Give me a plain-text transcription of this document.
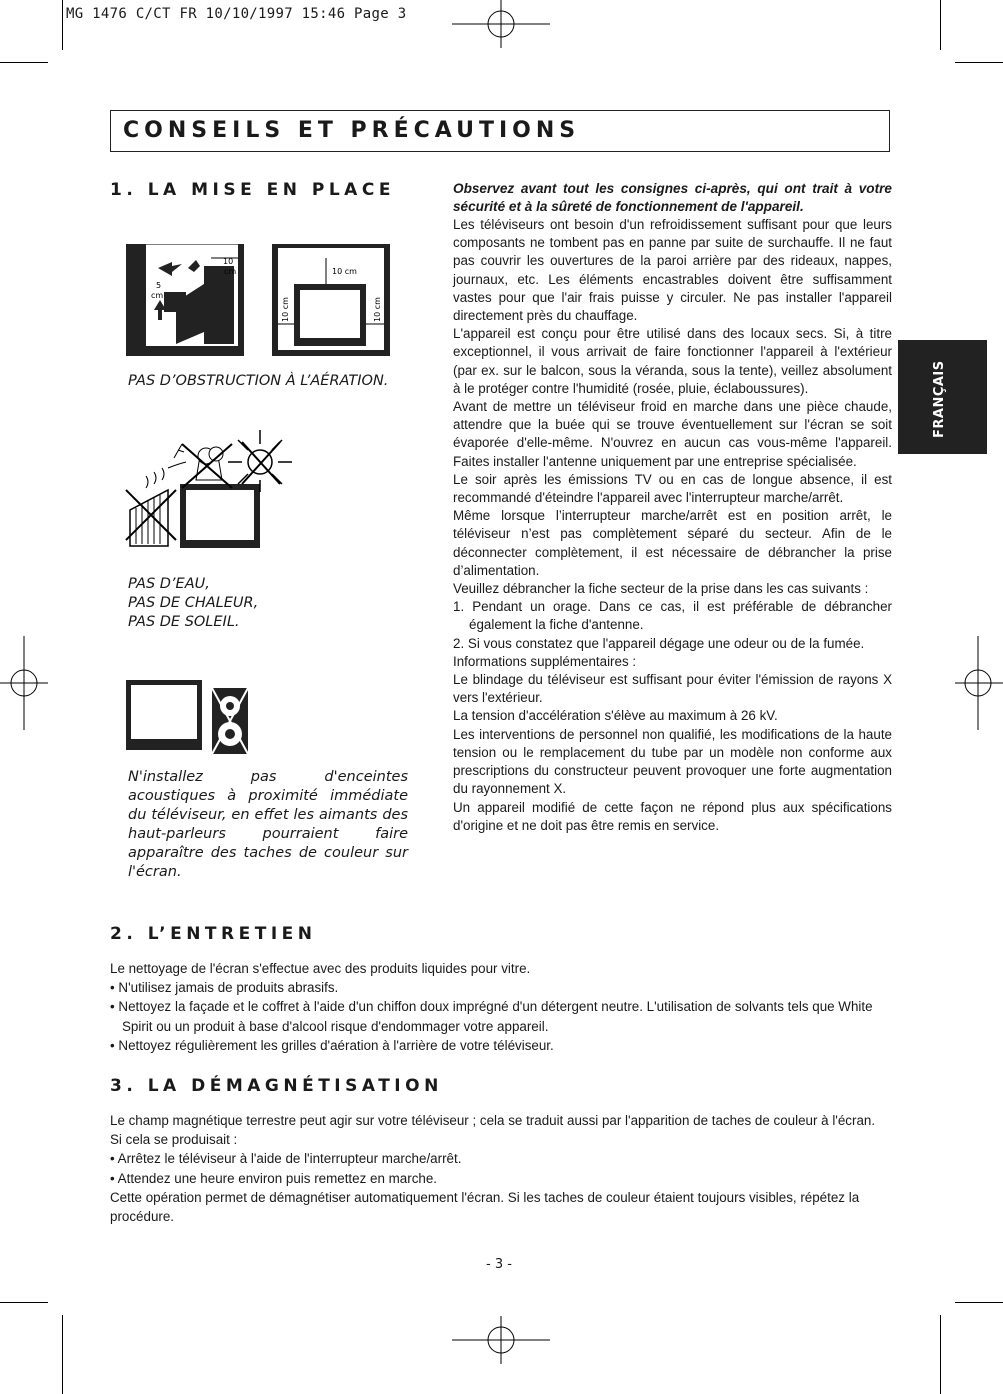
MG 1476 C/CT FR 10/10/1997 15:46 Page 3
CONSEILS ET PRÉCAUTIONS
FRANÇAIS
1. LA MISE EN PLACE
10
cm
5
cm
10 cm
10 cm	10 cm
PAS D’OBSTRUCTION À L’AÉRATION.
PAS D’EAU,
PAS DE CHALEUR,
PAS DE SOLEIL.
N'installez pas d'enceintes acoustiques à proximité immédiate du téléviseur, en effet les aimants des haut-parleurs pourraient faire apparaître des taches de couleur sur l'écran.

Observez avant tout les consignes ci-après, qui ont trait à votre sécurité et à la sûreté de fonctionnement de l'appareil.

Les téléviseurs ont besoin d'un refroidissement suffisant pour que leurs composants ne tombent pas en panne par suite de surchauffe. Il ne faut pas couvrir les ouvertures de la paroi arrière par des rideaux, nappes, journaux, etc. Les éléments encastrables doivent être suffisamment vastes pour que l'air frais puisse y circuler. Ne pas installer l'appareil directement près du chauffage.

L'appareil est conçu pour être utilisé dans des locaux secs. Si, à titre exceptionnel, il vous arrivait de faire fonctionner l'appareil à l'extérieur (par ex. sur le balcon, sous la véranda, sous la tente), veillez absolument à le protéger contre l'humidité (rosée, pluie, éclaboussures).

Avant de mettre un téléviseur froid en marche dans une pièce chaude, attendre que la buée qui se trouve éventuellement sur l'écran se soit évaporée d'elle-même. N'ouvrez en aucun cas vous-même l'appareil. Faites installer l'antenne uniquement par une entreprise spécialisée.

Le soir après les émissions TV ou en cas de longue absence, il est recommandé d'éteindre l'appareil avec l'interrupteur marche/arrêt.

Même lorsque l’interrupteur marche/arrêt est en position arrêt, le téléviseur n’est pas complètement séparé du secteur. Afin de le déconnecter complètement, il est nécessaire de débrancher la prise d’alimentation.

Veuillez débrancher la fiche secteur de la prise dans les cas suivants :

1. Pendant un orage. Dans ce cas, il est préférable de débrancher également la fiche d'antenne.

2. Si vous constatez que l'appareil dégage une odeur ou de la fumée.

Informations supplémentaires :

Le blindage du téléviseur est suffisant pour éviter l'émission de rayons X vers l'extérieur.

La tension d'accélération s'élève au maximum à 26 kV.

Les interventions de personnel non qualifié, les modifications de la haute tension ou le remplacement du tube par un modèle non conforme aux prescriptions du constructeur peuvent provoquer une forte augmentation du rayonnement X.

Un appareil modifié de cette façon ne répond plus aux spécifications d'origine et ne doit pas être remis en service.

2. L’ENTRETIEN

Le nettoyage de l'écran s'effectue avec des produits liquides pour vitre.

• N'utilisez jamais de produits abrasifs.

• Nettoyez la façade et le coffret à l'aide d'un chiffon doux imprégné d'un détergent neutre. L'utilisation de solvants tels que White Spirit ou un produit à base d'alcool risque d'endommager votre appareil.

• Nettoyez régulièrement les grilles d'aération à l'arrière de votre téléviseur.

3. LA DÉMAGNÉTISATION

Le champ magnétique terrestre peut agir sur votre téléviseur ; cela se traduit aussi par l'apparition de taches de couleur à l'écran.

Si cela se produisait :

• Arrêtez le téléviseur à l'aide de l'interrupteur marche/arrêt.

• Attendez une heure environ puis remettez en marche.

Cette opération permet de démagnétiser automatiquement l'écran. Si les taches de couleur étaient toujours visibles, répétez la procédure.

- 3 -
